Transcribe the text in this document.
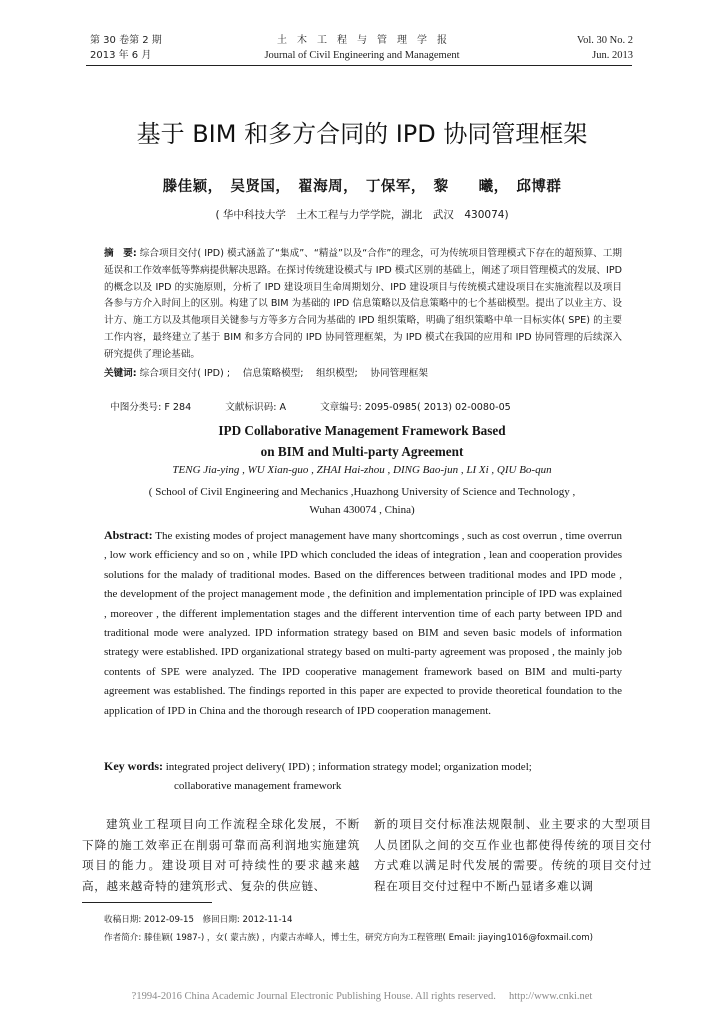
第 30 卷第 2 期
2013 年 6 月
土　木　工　程　与　管　理　学　报
Journal of Civil Engineering and Management
Vol. 30 No. 2
Jun. 2013
基于 BIM 和多方合同的 IPD 协同管理框架
滕佳颖，　吴贤国，　翟海周，　丁保军，　黎　　曦，　邱博群
( 华中科技大学　土木工程与力学学院，湖北　武汉　430074)
摘　要: 综合项目交付( IPD) 模式涵盖了“集成”、“精益”以及“合作”的理念，可为传统项目管理模式下存在的超预算、工期延误和工作效率低等弊病提供解决思路。在探讨传统建设模式与 IPD 模式区别的基础上，阐述了项目管理模式的发展、IPD 的概念以及 IPD 的实施原则，分析了 IPD 建设项目生命周期划分、IPD 建设项目与传统模式建设项目在实施流程以及项目各参与方介入时间上的区别。构建了以 BIM 为基础的 IPD 信息策略以及信息策略中的七个基础模型。提出了以业主方、设计方、施工方以及其他项目关键参与方等多方合同为基础的 IPD 组织策略，明确了组织策略中单一目标实体( SPE) 的主要工作内容，最终建立了基于 BIM 和多方合同的 IPD 协同管理框架，为 IPD 模式在我国的应用和 IPD 协同管理的后续深入研究提供了理论基础。
关键词: 综合项目交付( IPD) ;　 信息策略模型;　 组织模型;　 协同管理框架

中图分类号: F 284	文献标识码: A	文章编号: 2095-0985( 2013) 02-0080-05

IPD Collaborative Management Framework Based
on BIM and Multi-party Agreement
TENG Jia-ying , WU Xian-guo , ZHAI Hai-zhou , DING Bao-jun , LI Xi , QIU Bo-qun
( School of Civil Engineering and Mechanics ,Huazhong University of Science and Technology ,
Wuhan 430074 , China)
Abstract: The existing modes of project management have many shortcomings , such as cost overrun , time overrun , low work efficiency and so on , while IPD which concluded the ideas of integration , lean and cooperation provides solutions for the malady of traditional modes. Based on the differences between traditional modes and IPD mode , the development of the project management mode , the definition and implementation principle of IPD was explained , moreover , the different implementation stages and the different intervention time of each party between IPD and traditional mode were analyzed. IPD information strategy based on BIM and seven basic models of information strategy were established. IPD organizational strategy based on multi-party agreement was proposed , the mainly job contents of SPE were analyzed. The IPD cooperative management framework based on BIM and multi-party agreement was established. The findings reported in this paper are expected to provide theoretical foundation to the application of IPD in China and the thorough research of IPD cooperation management.
Key words: integrated project delivery( IPD) ; information strategy model; organization model;
collaborative management framework
建筑业工程项目向工作流程全球化发展，不断下降的施工效率正在削弱可靠而高利润地实施建筑项目的能力。建设项目对可持续性的要求越来越高，越来越奇特的建筑形式、复杂的供应链、
新的项目交付标准法规限制、业主要求的大型项目人员团队之间的交互作业也都使得传统的项目交付方式难以满足时代发展的需要。传统的项目交付过程在项目交付过程中不断凸显诸多难以调
收稿日期: 2012-09-15　修回日期: 2012-11-14
作者简介: 滕佳颖( 1987-) ，女( 蒙古族) ，内蒙古赤峰人，博士生，研究方向为工程管理( Email: jiaying1016@foxmail.com)
?1994-2016 China Academic Journal Electronic Publishing House. All rights reserved.　 http://www.cnki.net
